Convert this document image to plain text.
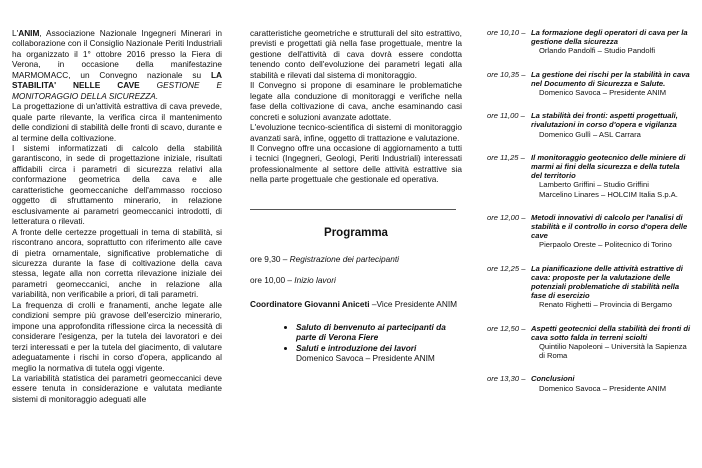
L'ANIM, Associazione Nazionale Ingegneri Minerari in collaborazione con il Consiglio Nazionale Periti Industriali ha organizzato il 1° ottobre 2016 presso la Fiera di Verona, in occasione della manifestazine MARMOMACC, un Convegno nazionale su LA STABILITA' NELLE CAVE GESTIONE E MONITORAGGIO DELLA SICUREZZA.

La progettazione di un'attività estrattiva di cava prevede, quale parte rilevante, la verifica circa il mantenimento delle condizioni di stabilità delle fronti di scavo, durante e al termine della coltivazione.

I sistemi informatizzati di calcolo della stabilità garantiscono, in sede di progettazione iniziale, risultati affidabili circa i parametri di sicurezza relativi alla conformazione geometrica della cava e alle caratteristiche geomeccaniche dell'ammasso roccioso oggetto di sfruttamento minerario, in relazione esclusivamente ai parametri geomeccanici introdotti, di letteratura o rilevati.

A fronte delle certezze progettuali in tema di stabilità, si riscontrano ancora, soprattutto con riferimento alle cave di pietra ornamentale, significative problematiche di sicurezza durante la fase di coltivazione della cava stessa, legate alla non corretta rilevazione iniziale dei parametri geomeccanici, anche in relazione alla variabilità, non verificabile a priori, di tali parametri.

La frequenza di crolli e franamenti, anche legate alle condizioni sempre più gravose dell'esercizio minerario, impone una approfondita riflessione circa la necessità di considerare l'esigenza, per la tutela dei lavoratori e dei terzi interessati e per la tutela del giacimento, di valutare adeguatamente i rischi in corso d'opera, applicando al meglio la normativa di tutela oggi vigente.

La variabilità statistica dei parametri geomeccanici deve essere tenuta in considerazione e valutata mediante sistemi di monitoraggio adeguati alle

caratteristiche geometriche e strutturali del sito estrattivo, previsti e progettati già nella fase progettuale, mentre la gestione dell'attività di cava dovrà essere condotta tenendo conto dell'evoluzione dei parametri legati alla stabilità e rilevati dal sistema di monitoraggio.

Il Convegno si propone di esaminare le problematiche legate alla conduzione di monitoraggi e verifiche nella fase della coltivazione di cava, anche esaminando casi concreti e soluzioni avanzate adottate.

L'evoluzione tecnico-scientifica di sistemi di monitoraggio avanzati sarà, infine, oggetto di trattazione e valutazione.

Il Convegno offre una occasione di aggiornamento a tutti i tecnici (Ingegneri, Geologi, Periti Industriali) interessati professionalmente al settore delle attività estrattive sia nella parte progettuale che gestionale ed operativa.

Programma
ore 9,30 – Registrazione dei partecipanti
ore 10,00 – Inizio lavori
Coordinatore Giovanni Aniceti –Vice Presidente ANIM
• Saluto di benvenuto ai partecipanti da parte di Verona Fiere
• Saluti e introduzione dei lavori
Domenico Savoca – Presidente ANIM
ore 10,10 – La formazione degli operatori di cava per la gestione della sicurezza
Orlando Pandolfi – Studio Pandolfi
ore 10,35 – La gestione dei rischi per la stabilità in cava nel Documento di Sicurezza e Salute.
Domenico Savoca – Presidente ANIM
ore 11,00 – La stabilità dei fronti: aspetti progettuali, rivalutazioni in corso d'opera e vigilanza
Domenico Gullì – ASL Carrara
ore 11,25 – Il monitoraggio geotecnico delle miniere di marmi ai fini della sicurezza e della tutela del territorio
Lamberto Griffini – Studio Griffini
Marcelino Linares – HOLCIM Italia S.p.A.
ore 12,00 – Metodi innovativi di calcolo per l'analisi di stabilità e il controllo in corso d'opera delle cave
Pierpaolo Oreste – Politecnico di Torino
ore 12,25 – La pianificazione delle attività estrattive di cava: proposte per la valutazione delle potenziali problematiche di stabilità nella fase di esercizio
Renato Righetti – Provincia di Bergamo
ore 12,50 – Aspetti geotecnici della stabilità dei fronti di cava sotto falda in terreni sciolti
Quintilio Napoleoni – Università la Sapienza di Roma
ore 13,30 – Conclusioni
Domenico Savoca – Presidente ANIM
